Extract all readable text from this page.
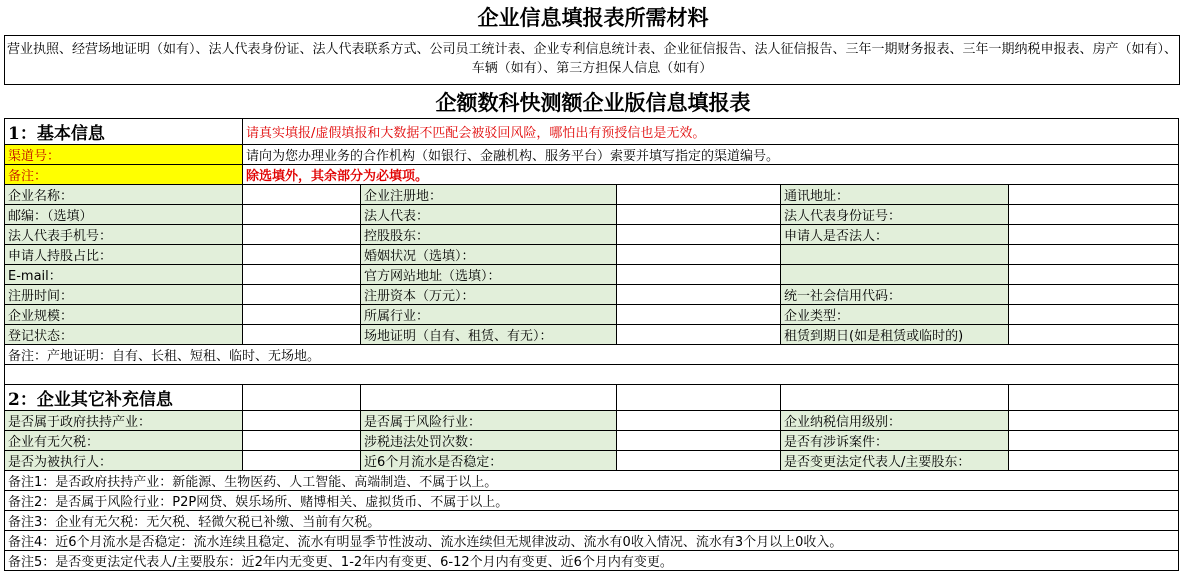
企业信息填报表所需材料
营业执照、经营场地证明（如有）、法人代表身份证、法人代表联系方式、公司员工统计表、企业专利信息统计表、企业征信报告、法人征信报告、三年一期财务报表、三年一期纳税申报表、房产（如有）、车辆（如有）、第三方担保人信息（如有）
企额数科快测额企业版信息填报表
1：基本信息	请真实填报/虚假填报和大数据不匹配会被驳回风险，哪怕出有预授信也是无效。				
渠道号：	请向为您办理业务的合作机构（如银行、金融机构、服务平台）索要并填写指定的渠道编号。				
备注：	除选填外，其余部分为必填项。				
企业名称：		企业注册地：		通讯地址：	
邮编：（选填）		法人代表：		法人代表身份证号：	
法人代表手机号：		控股股东：		申请人是否法人：	
申请人持股占比：		婚姻状况（选填）：			
E-mail：		官方网站地址（选填）：			
注册时间：		注册资本（万元）：		统一社会信用代码：	
企业规模：		所属行业：		企业类型：	
登记状态：		场地证明（自有、租赁、有无）：		租赁到期日(如是租赁或临时的)	
备注：产地证明：自有、长租、短租、临时、无场地。					

2：企业其它补充信息					
是否属于政府扶持产业：		是否属于风险行业：		企业纳税信用级别：	
企业有无欠税：		涉税违法处罚次数：		是否有涉诉案件：	
是否为被执行人：		近6个月流水是否稳定：		是否变更法定代表人/主要股东：	
备注1：是否政府扶持产业：新能源、生物医药、人工智能、高端制造、不属于以上。					
备注2：是否属于风险行业：P2P网贷、娱乐场所、赌博相关、虚拟货币、不属于以上。					
备注3：企业有无欠税：无欠税、轻微欠税已补缴、当前有欠税。					
备注4：近6个月流水是否稳定：流水连续且稳定、流水有明显季节性波动、流水连续但无规律波动、流水有0收入情况、流水有3个月以上0收入。					
备注5：是否变更法定代表人/主要股东：近2年内无变更、1-2年内有变更、6-12个月内有变更、近6个月内有变更。					
